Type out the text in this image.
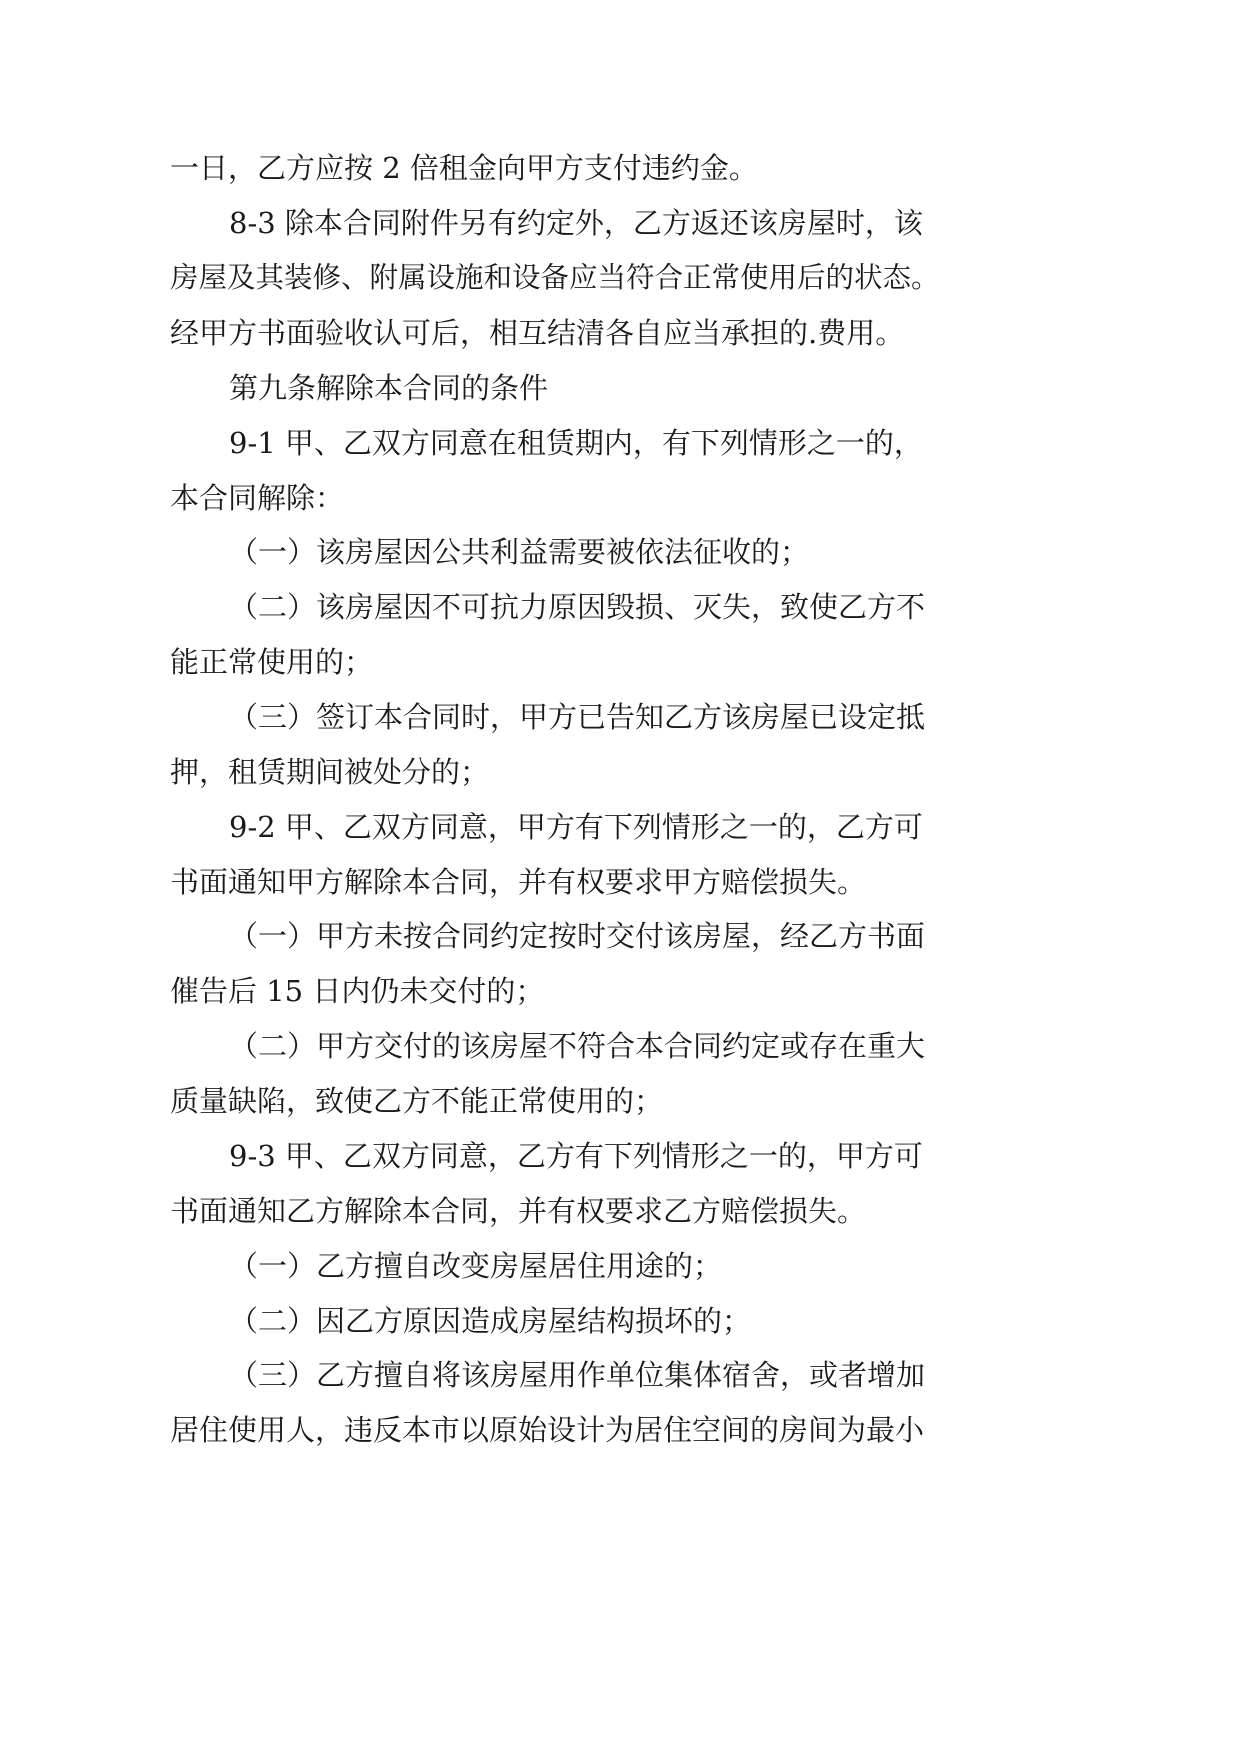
一日，乙方应按 2 倍租金向甲方支付违约金。
8-3 除本合同附件另有约定外，乙方返还该房屋时，该
房屋及其装修、附属设施和设备应当符合正常使用后的状态。
经甲方书面验收认可后，相互结清各自应当承担的.费用。
第九条解除本合同的条件
9-1 甲、乙双方同意在租赁期内，有下列情形之一的，
本合同解除：
（一）该房屋因公共利益需要被依法征收的；
（二）该房屋因不可抗力原因毁损、灭失，致使乙方不
能正常使用的；
（三）签订本合同时，甲方已告知乙方该房屋已设定抵
押，租赁期间被处分的；
9-2 甲、乙双方同意，甲方有下列情形之一的，乙方可
书面通知甲方解除本合同，并有权要求甲方赔偿损失。
（一）甲方未按合同约定按时交付该房屋，经乙方书面
催告后 15 日内仍未交付的；
（二）甲方交付的该房屋不符合本合同约定或存在重大
质量缺陷，致使乙方不能正常使用的；
9-3 甲、乙双方同意，乙方有下列情形之一的，甲方可
书面通知乙方解除本合同，并有权要求乙方赔偿损失。
（一）乙方擅自改变房屋居住用途的；
（二）因乙方原因造成房屋结构损坏的；
（三）乙方擅自将该房屋用作单位集体宿舍，或者增加
居住使用人，违反本市以原始设计为居住空间的房间为最小
